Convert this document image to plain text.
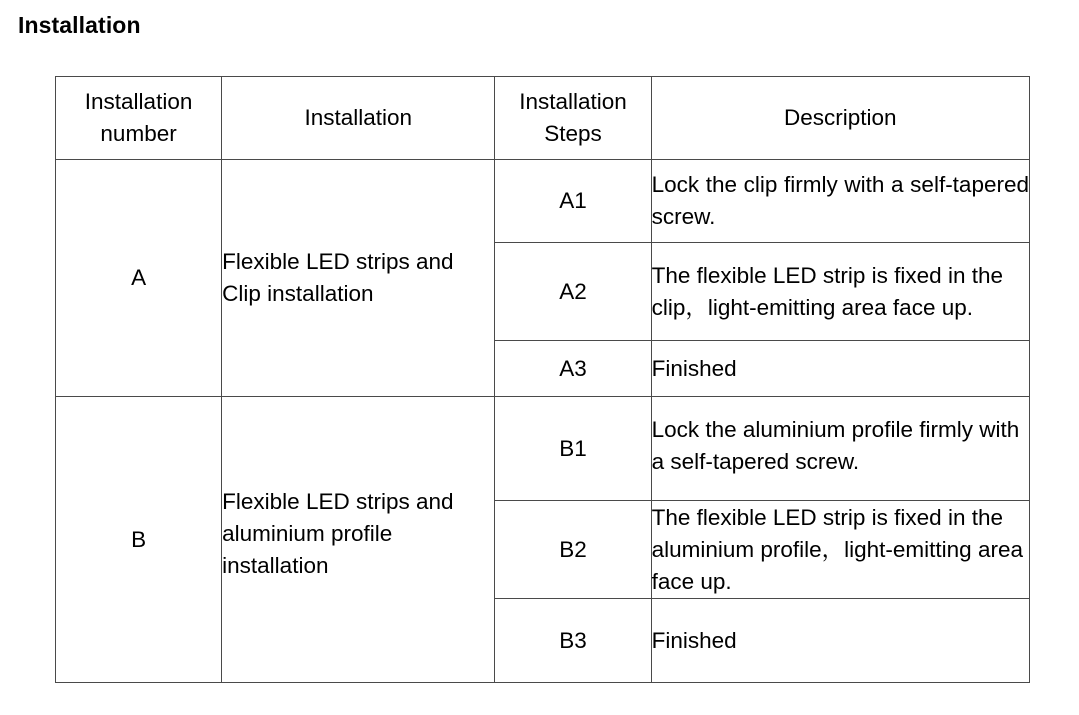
Installation
Installation number	Installation	Installation Steps	Description
A	Flexible LED strips and Clip installation	A1	Lock the clip firmly with a self-tapered screw.
		A2	The flexible LED strip is fixed in the clip，light-emitting area face up.
		A3	Finished
B	Flexible LED strips and aluminium profile installation	B1	Lock the aluminium profile firmly with a self-tapered screw.

		B2	The flexible LED strip is fixed in the aluminium profile，light-emitting area face up.
		B3	Finished
